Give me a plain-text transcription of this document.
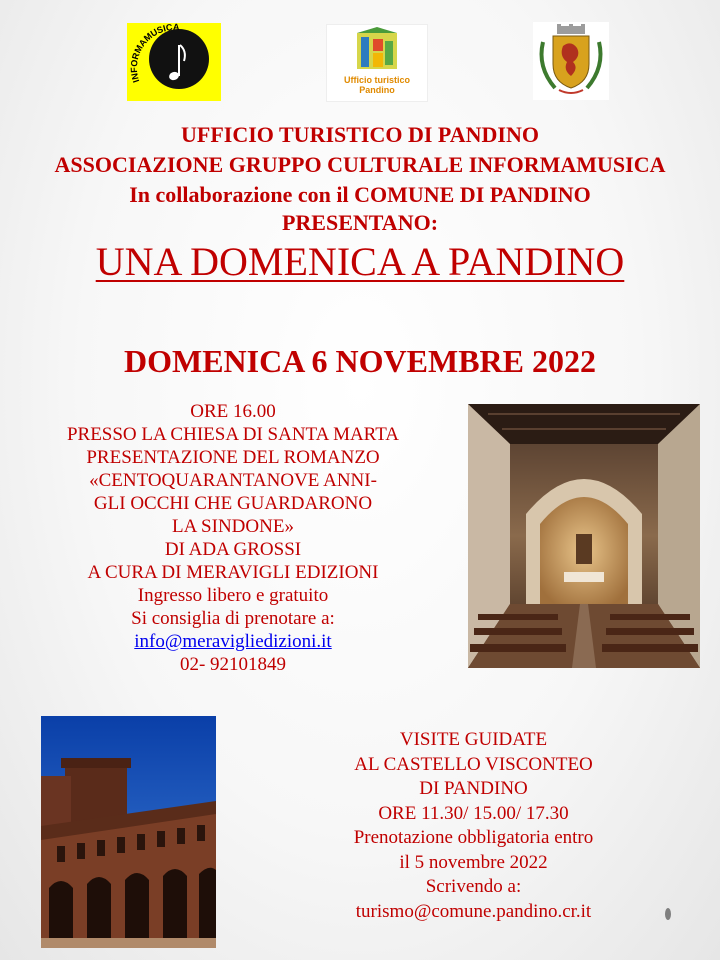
INFORMAMUSICA
Ufficio turistico
Pandino
UFFICIO TURISTICO DI PANDINO
ASSOCIAZIONE GRUPPO CULTURALE INFORMAMUSICA
In collaborazione con il COMUNE DI PANDINO
PRESENTANO:
UNA DOMENICA A PANDINO
DOMENICA 6 NOVEMBRE 2022
ORE 16.00
PRESSO LA CHIESA DI SANTA MARTA
PRESENTAZIONE DEL ROMANZO
«CENTOQUARANTANOVE ANNI-
GLI OCCHI CHE GUARDARONO
LA SINDONE»
DI ADA GROSSI
A CURA DI MERAVIGLI EDIZIONI
Ingresso libero e gratuito
Si consiglia di prenotare a:
info@meravigliedizioni.it
02- 92101849
VISITE GUIDATE
AL CASTELLO VISCONTEO
DI PANDINO
ORE 11.30/ 15.00/ 17.30
Prenotazione obbligatoria entro
il 5 novembre 2022
Scrivendo a:
turismo@comune.pandino.cr.it
